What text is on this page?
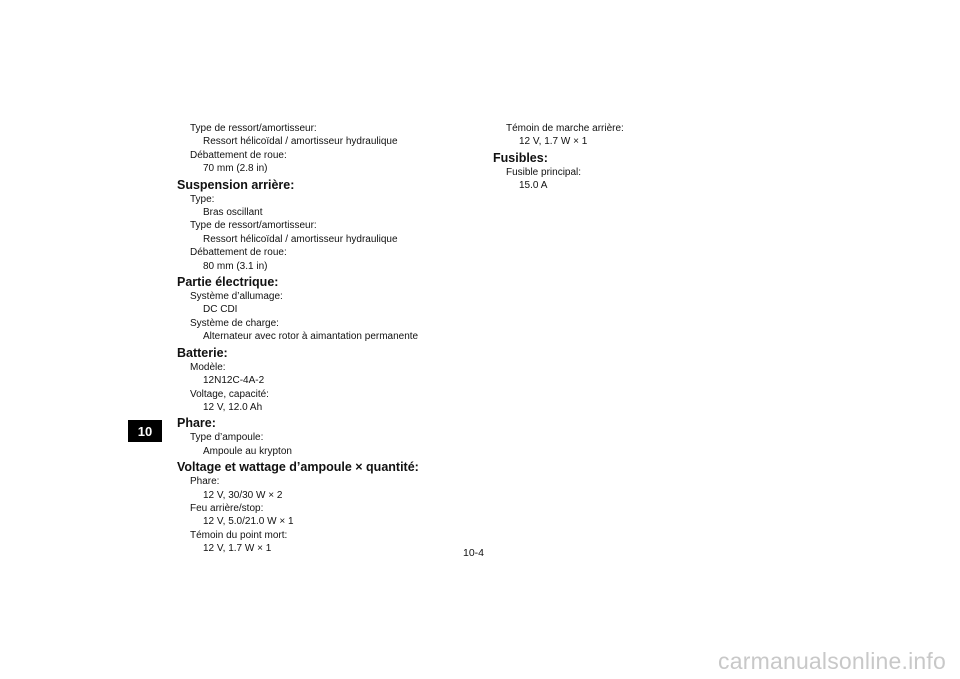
10
Type de ressort/amortisseur:
Ressort hélicoïdal / amortisseur hydraulique
Débattement de roue:
70 mm (2.8 in)
Suspension arrière:
Type:
Bras oscillant
Type de ressort/amortisseur:
Ressort hélicoïdal / amortisseur hydraulique
Débattement de roue:
80 mm (3.1 in)
Partie électrique:
Système d’allumage:
DC CDI
Système de charge:
Alternateur avec rotor à aimantation permanente
Batterie:
Modèle:
12N12C-4A-2
Voltage, capacité:
12 V, 12.0 Ah
Phare:
Type d’ampoule:
Ampoule au krypton
Voltage et wattage d’ampoule × quantité:
Phare:
12 V, 30/30 W × 2
Feu arrière/stop:
12 V, 5.0/21.0 W × 1
Témoin du point mort:
12 V, 1.7 W × 1
Témoin de marche arrière:
12 V, 1.7 W × 1
Fusibles:
Fusible principal:
15.0 A
10-4
carmanualsonline.info
